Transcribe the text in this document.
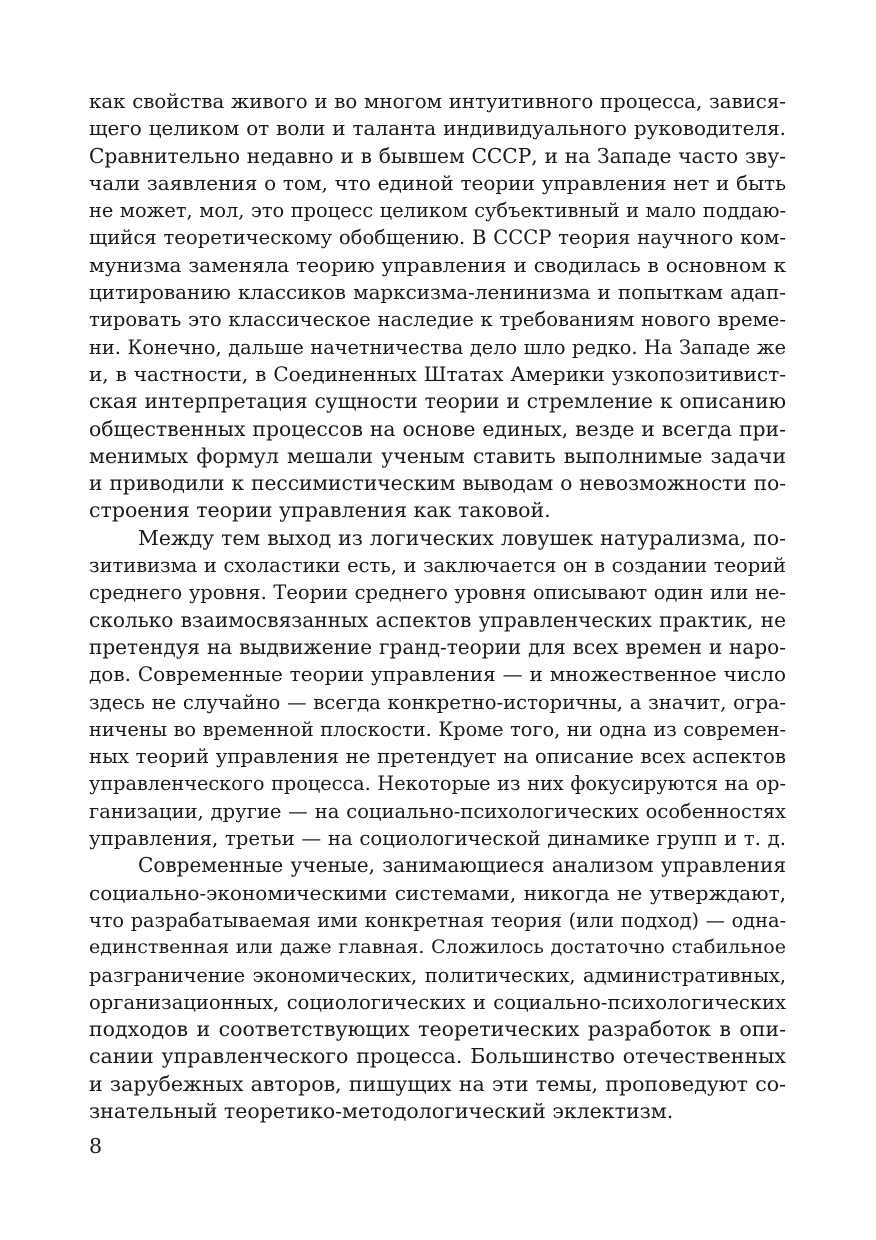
как свойства живого и во многом интуитивного процесса, завися-
щего целиком от воли и таланта индивидуального руководителя.
Сравнительно недавно и в бывшем СССР, и на Западе часто зву-
чали заявления о том, что единой теории управления нет и быть
не может, мол, это процесс целиком субъективный и мало поддаю-
щийся теоретическому обобщению. В СССР теория научного ком-
мунизма заменяла теорию управления и сводилась в основном к
цитированию классиков марксизма-ленинизма и попыткам адап-
тировать это классическое наследие к требованиям нового време-
ни. Конечно, дальше начетничества дело шло редко. На Западе же
и, в частности, в Соединенных Штатах Америки узкопозитивист-
ская интерпретация сущности теории и стремление к описанию
общественных процессов на основе единых, везде и всегда при-
менимых формул мешали ученым ставить выполнимые задачи
и приводили к пессимистическим выводам о невозможности по-
строения теории управления как таковой.
Между тем выход из логических ловушек натурализма, по-
зитивизма и схоластики есть, и заключается он в создании теорий
среднего уровня. Теории среднего уровня описывают один или не-
сколько взаимосвязанных аспектов управленческих практик, не
претендуя на выдвижение гранд-теории для всех времен и наро-
дов. Современные теории управления — и множественное число
здесь не случайно — всегда конкретно-историчны, а значит, огра-
ничены во временной плоскости. Кроме того, ни одна из современ-
ных теорий управления не претендует на описание всех аспектов
управленческого процесса. Некоторые из них фокусируются на ор-
ганизации, другие — на социально-психологических особенностях
управления, третьи — на социологической динамике групп и т. д.
Современные ученые, занимающиеся анализом управления
социально-экономическими системами, никогда не утверждают,
что разрабатываемая ими конкретная теория (или подход) — одна-
единственная или даже главная. Сложилось достаточно стабильное
разграничение экономических, политических, административных,
организационных, социологических и социально-психологических
подходов и соответствующих теоретических разработок в опи-
сании управленческого процесса. Большинство отечественных
и зарубежных авторов, пишущих на эти темы, проповедуют со-
знательный теоретико-методологический эклектизм.
8
